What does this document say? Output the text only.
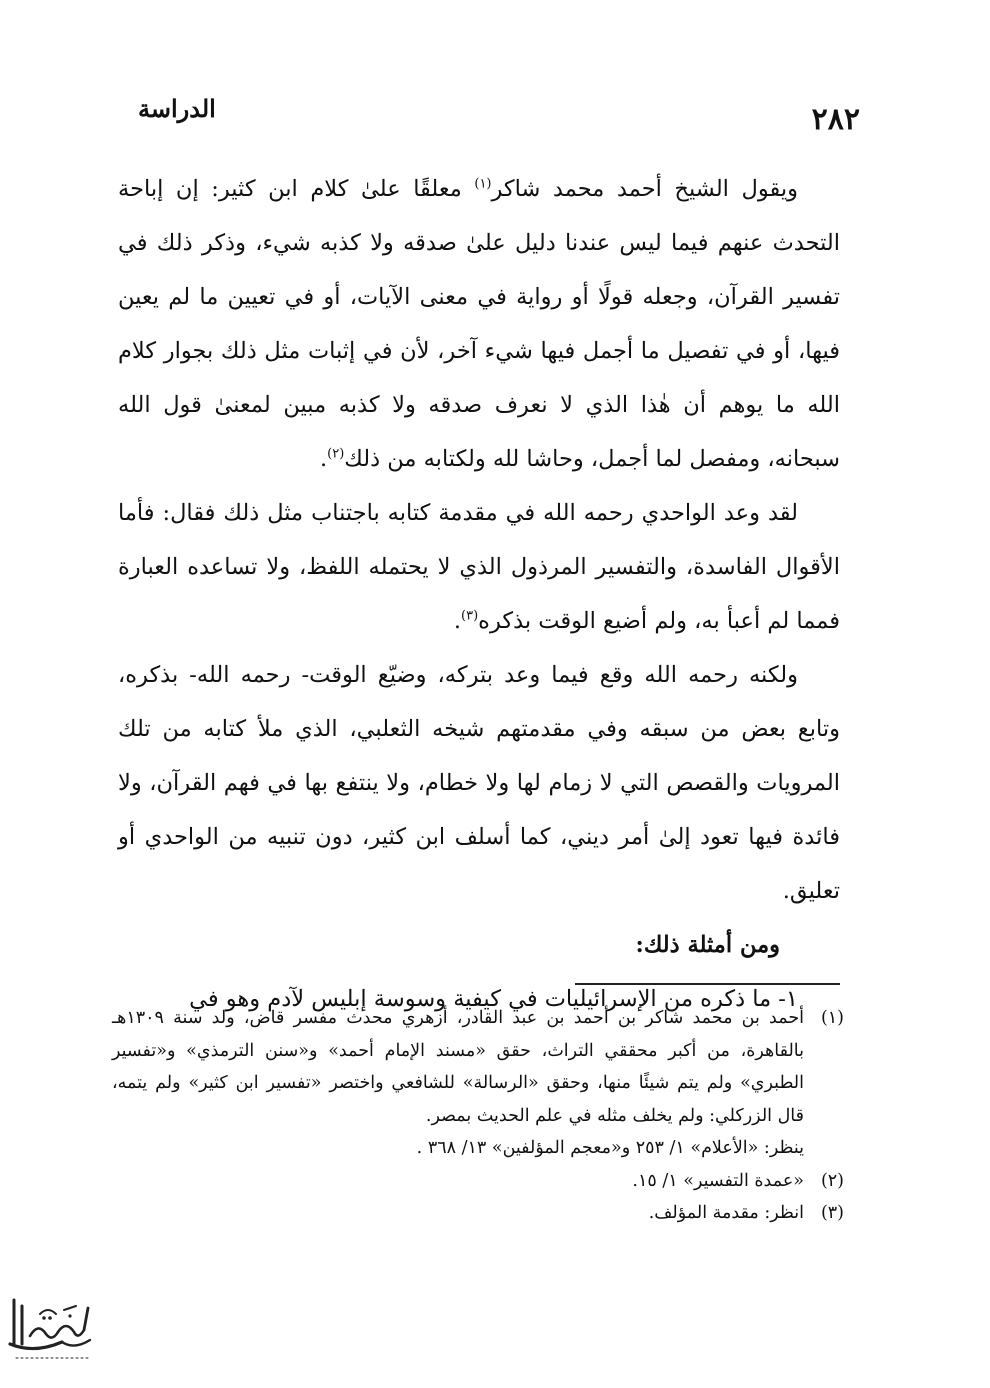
الدراسة	٢٨٢

ويقول الشيخ أحمد محمد شاكر$^{(١)}$ معلقًا علىٰ كلام ابن كثير: إن إباحة التحدث عنهم فيما ليس عندنا دليل علىٰ صدقه ولا كذبه شيء، وذكر ذلك في تفسير القرآن، وجعله قولًا أو رواية في معنى الآيات، أو في تعيين ما لم يعين فيها، أو في تفصيل ما أجمل فيها شيء آخر، لأن في إثبات مثل ذلك بجوار كلام الله ما يوهم أن هٰذا الذي لا نعرف صدقه ولا كذبه مبين لمعنىٰ قول الله سبحانه، ومفصل لما أجمل، وحاشا لله ولكتابه من ذلك$^{(٢)}$.

لقد وعد الواحدي رحمه الله في مقدمة كتابه باجتناب مثل ذلك فقال: فأما الأقوال الفاسدة، والتفسير المرذول الذي لا يحتمله اللفظ، ولا تساعده العبارة فمما لم أعبأ به، ولم أضيع الوقت بذكره$^{(٣)}$.

ولكنه رحمه الله وقع فيما وعد بتركه، وضيّع الوقت- رحمه الله- بذكره، وتابع بعض من سبقه وفي مقدمتهم شيخه الثعلبي، الذي ملأ كتابه من تلك المرويات والقصص التي لا زمام لها ولا خطام، ولا ينتفع بها في فهم القرآن، ولا فائدة فيها تعود إلىٰ أمر ديني، كما أسلف ابن كثير، دون تنبيه من الواحدي أو تعليق.

ومن أمثلة ذلك:

١- ما ذكره من الإسرائيليات في كيفية وسوسة إبليس لآدم وهو في

(١)أحمد بن محمد شاكر بن أحمد بن عبد القادر، أزهري محدث مفسر قاض، ولد سنة ١٣٠٩هـ بالقاهرة، من أكبر محققي التراث، حقق «مسند الإمام أحمد» و«سنن الترمذي» و«تفسير الطبري» ولم يتم شيئًا منها، وحقق «الرسالة» للشافعي واختصر «تفسير ابن كثير» ولم يتمه، قال الزركلي: ولم يخلف مثله في علم الحديث بمصر.

ينظر: «الأعلام» ١/ ٢٥٣ و«معجم المؤلفين» ١٣/ ٣٦٨ .

(٢)«عمدة التفسير» ١/ ١٥.

(٣)انظر: مقدمة المؤلف.
